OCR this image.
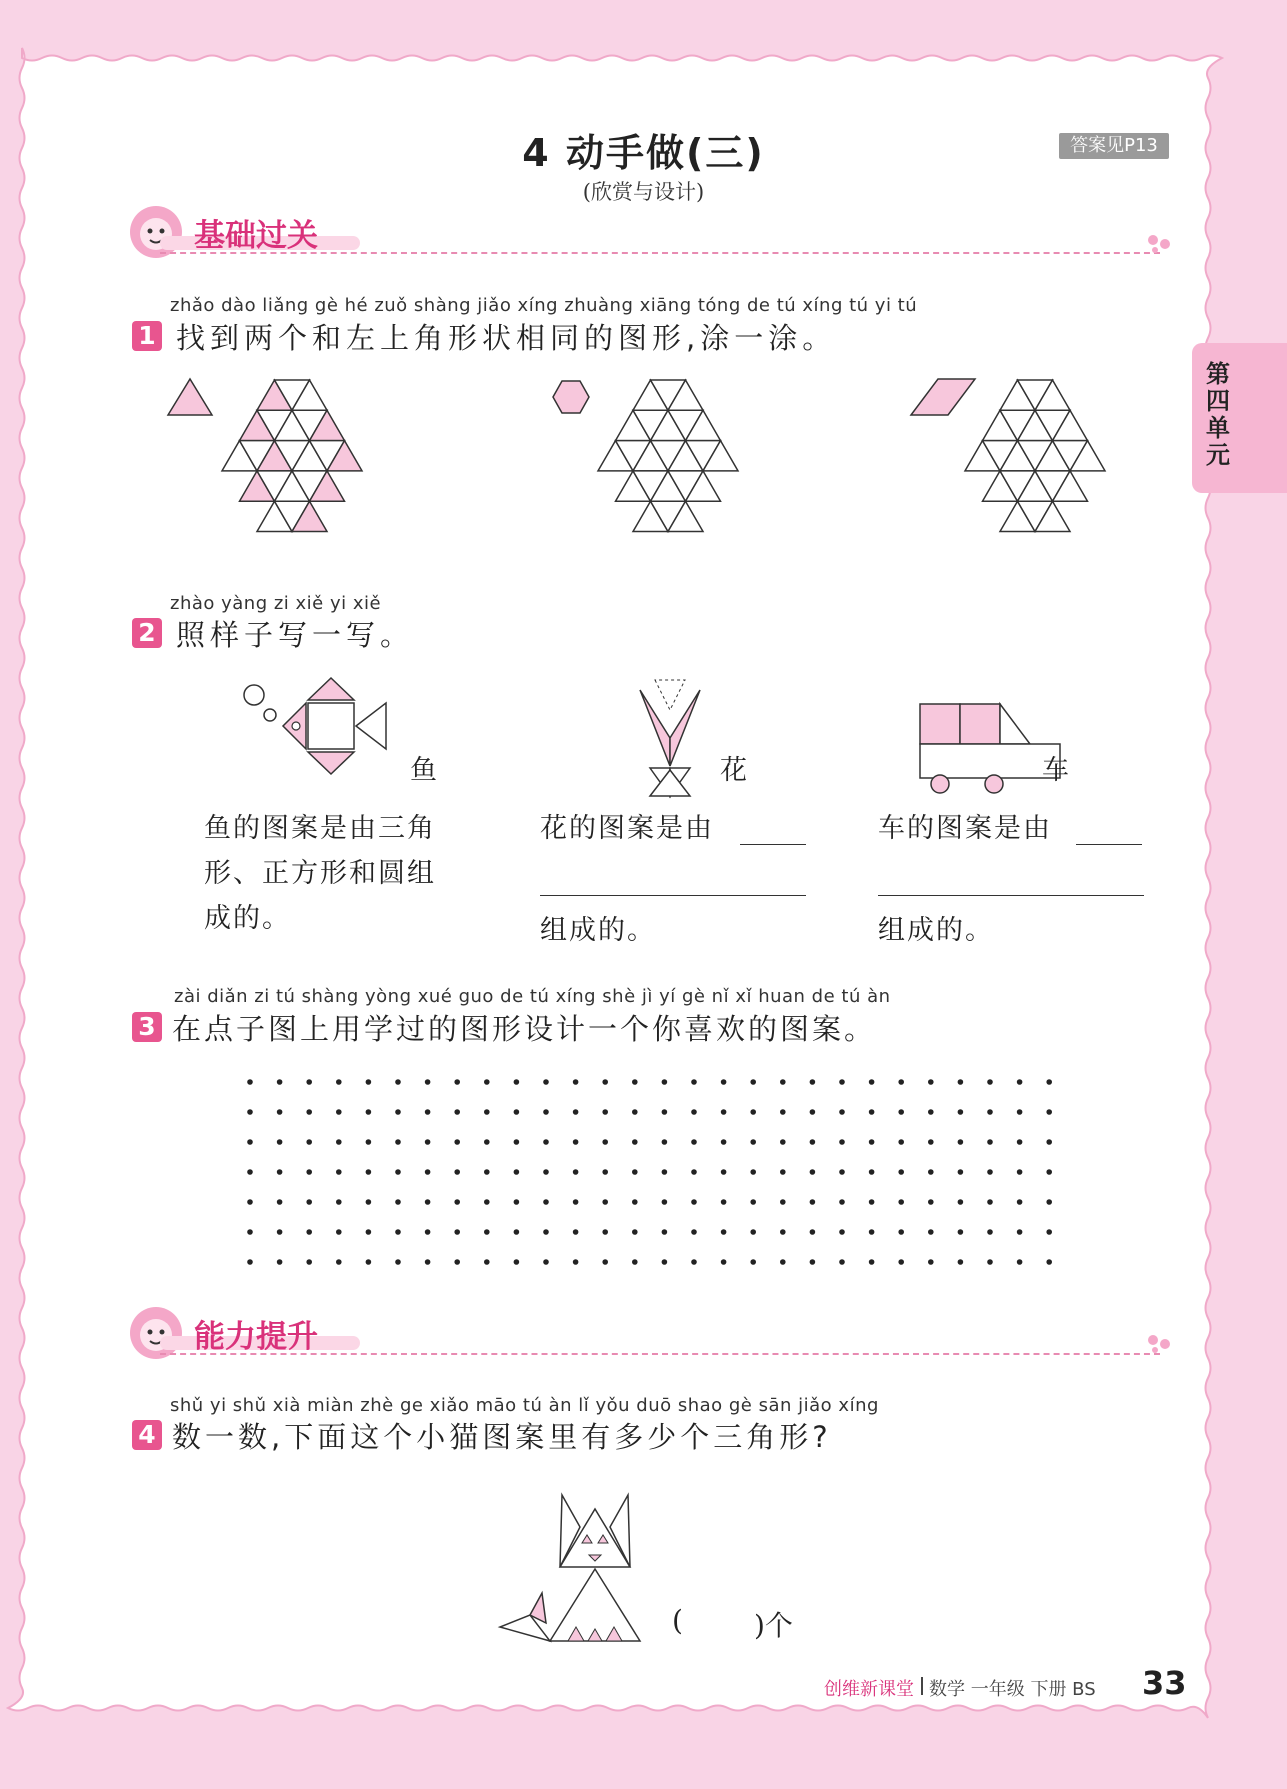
4 动手做(三)
(欣赏与设计)
答案见P13
第四单元
基础过关
zhǎo dào liǎng gè hé zuǒ shàng jiǎo xíng zhuàng xiāng tóng de tú xíng tú yi tú
1 找到两个和左上角形状相同的图形,涂一涂。
zhào yàng zi xiě yi xiě
2 照样子写一写。
鱼	花	车
鱼的图案是由三角
形、正方形和圆组
成的。
花的图案是由
组成的。
车的图案是由
组成的。
zài diǎn zi tú shàng yòng xué guo de tú xíng shè jì yí gè nǐ xǐ huan de tú àn
3 在点子图上用学过的图形设计一个你喜欢的图案。
能力提升
shǔ yi shǔ xià miàn zhè ge xiǎo māo tú àn lǐ yǒu duō shao gè sān jiǎo xíng
4 数一数,下面这个小猫图案里有多少个三角形?
(	)个
创维新课堂 数学 一年级 下册 BS 33
